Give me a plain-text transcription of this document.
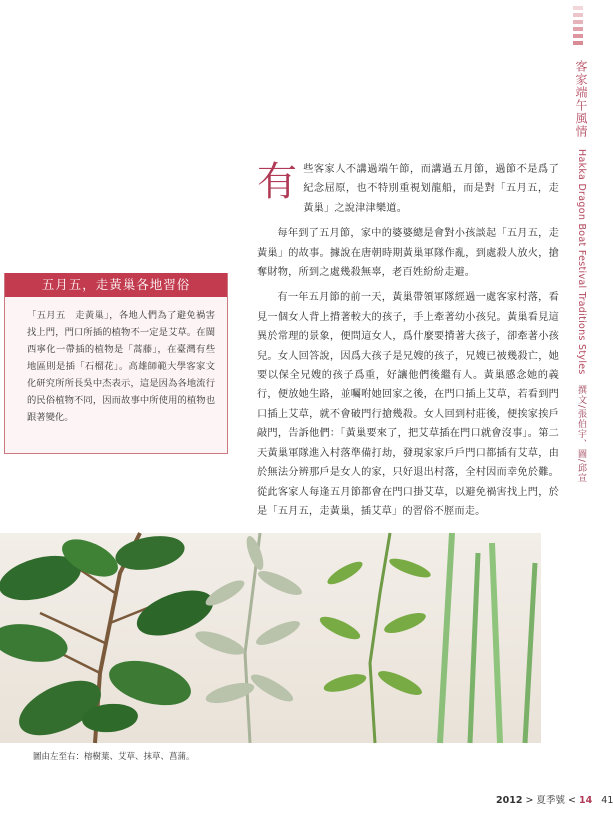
客家端午風情 Hakka Dragon Boat Festival Traditions Styles 撰文/張伯宇、圖/邱宣

有些客家人不講過端午節，而講過五月節，過節不是爲了紀念屈原，也不特別重視划龍船，而是對「五月五，走黃巢」之說津津樂道。

每年到了五月節，家中的婆婆總是會對小孩談起「五月五，走黃巢」的故事。據說在唐朝時期黃巢軍隊作亂，到處殺人放火，搶奪財物，所到之處幾殺無辜，老百姓紛紛走避。

有一年五月節的前一天，黃巢帶領軍隊經過一處客家村落，看見一個女人背上揹著較大的孩子，手上牽著幼小孩兒。黃巢看見這異於常理的景象，便問這女人，爲什麼要揹著大孩子，卻牽著小孩兒。女人回答說，因爲大孩子是兄嫂的孩子，兄嫂已被幾殺亡，她要以保全兄嫂的孩子爲重，好讓他們後繼有人。黃巢感念她的義行，便放她生路，並囑咐她回家之後，在門口插上艾草，若看到門口插上艾草，就不會破門行搶幾殺。女人回到村莊後，便挨家挨戶敲門，告訴他們：「黃巢要來了，把艾草插在門口就會沒事」。第二天黃巢軍隊進入村落準備打劫，發現家家戶戶門口都插有艾草，由於無法分辨那戶是女人的家，只好退出村落，全村因而幸免於難。從此客家人每逢五月節都會在門口掛艾草，以避免禍害找上門，於是「五月五，走黃巢，插艾草」的習俗不脛而走。

五月五，走黃巢各地習俗
「五月五　走黃巢」，各地人們為了避免禍害找上門，門口所插的植物不一定是艾草。在閩西寧化一帶插的植物是「蒿藤」，在臺灣有些地區則是插「石榴花」。高雄師範大學客家文化研究所所長吳中杰表示，這是因為各地流行的民俗植物不同，因而故事中所使用的植物也跟著變化。
圖由左至右：榕樹葉、艾草、抹草、菖蒲。
2012 > 夏季號 < 14 41
